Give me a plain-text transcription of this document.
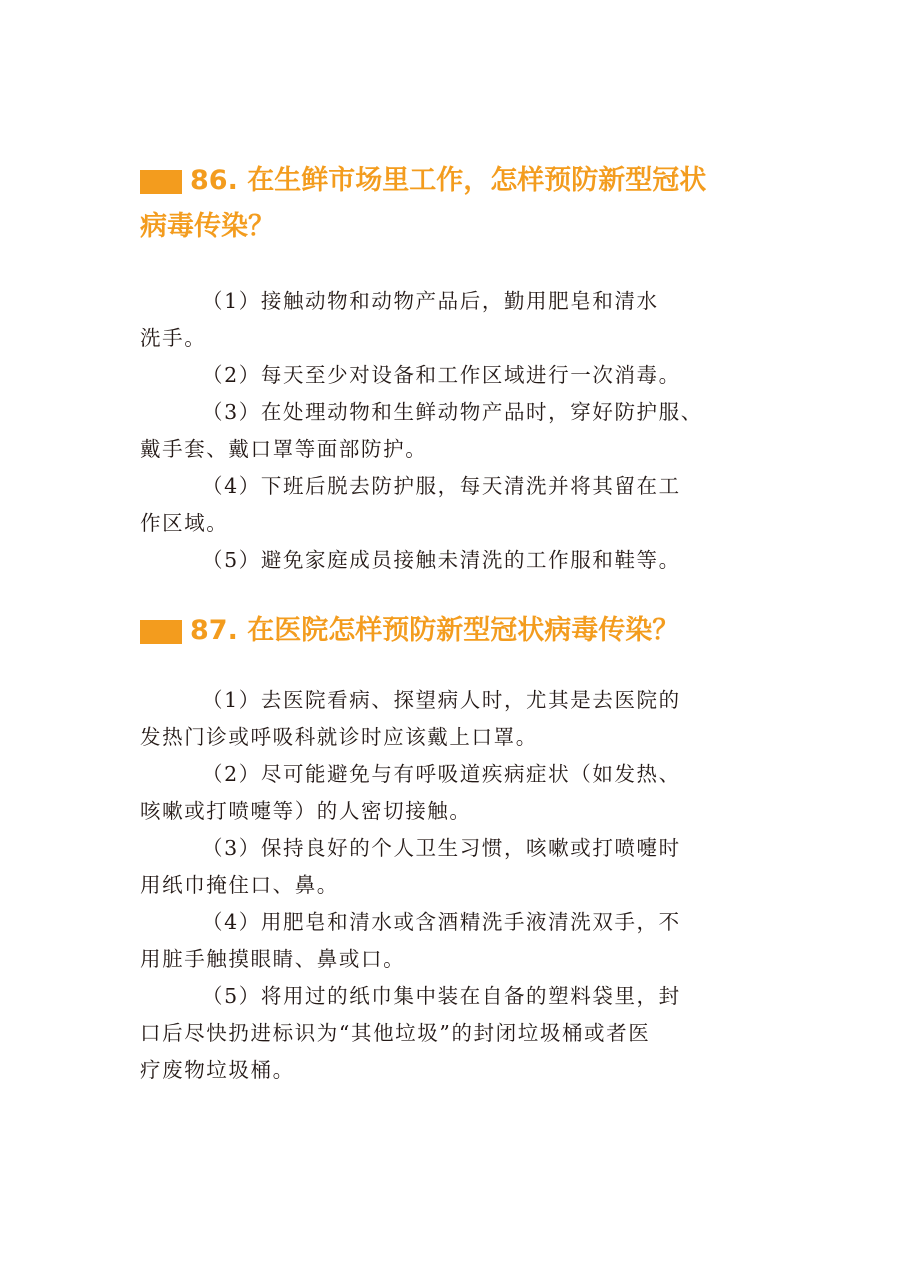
86. 在生鲜市场里工作，怎样预防新型冠状
病毒传染？
（1）接触动物和动物产品后，勤用肥皂和清水
洗手。
（2）每天至少对设备和工作区域进行一次消毒。
（3）在处理动物和生鲜动物产品时，穿好防护服、
戴手套、戴口罩等面部防护。
（4）下班后脱去防护服，每天清洗并将其留在工
作区域。
（5）避免家庭成员接触未清洗的工作服和鞋等。
87. 在医院怎样预防新型冠状病毒传染？
（1）去医院看病、探望病人时，尤其是去医院的
发热门诊或呼吸科就诊时应该戴上口罩。
（2）尽可能避免与有呼吸道疾病症状（如发热、
咳嗽或打喷嚏等）的人密切接触。
（3）保持良好的个人卫生习惯，咳嗽或打喷嚏时
用纸巾掩住口、鼻。
（4）用肥皂和清水或含酒精洗手液清洗双手，不
用脏手触摸眼睛、鼻或口。
（5）将用过的纸巾集中装在自备的塑料袋里，封
口后尽快扔进标识为“其他垃圾”的封闭垃圾桶或者医
疗废物垃圾桶。
